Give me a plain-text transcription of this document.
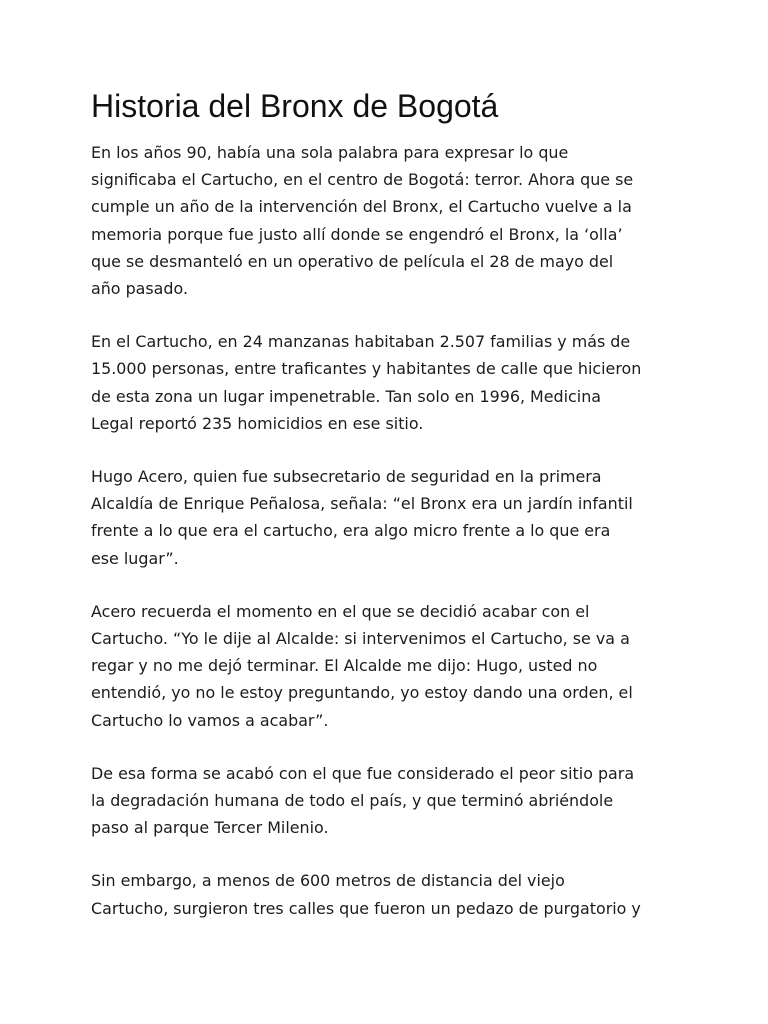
Historia del Bronx de Bogotá

En los años 90, había una sola palabra para expresar lo que
significaba el Cartucho, en el centro de Bogotá: terror. Ahora que se
cumple un año de la intervención del Bronx, el Cartucho vuelve a la
memoria porque fue justo allí donde se engendró el Bronx, la ‘olla’
que se desmanteló en un operativo de película el 28 de mayo del
año pasado.

En el Cartucho, en 24 manzanas habitaban 2.507 familias y más de
15.000 personas, entre traficantes y habitantes de calle que hicieron
de esta zona un lugar impenetrable. Tan solo en 1996, Medicina
Legal reportó 235 homicidios en ese sitio.

Hugo Acero, quien fue subsecretario de seguridad en la primera
Alcaldía de Enrique Peñalosa, señala: “el Bronx era un jardín infantil
frente a lo que era el cartucho, era algo micro frente a lo que era
ese lugar”.

Acero recuerda el momento en el que se decidió acabar con el
Cartucho. “Yo le dije al Alcalde: si intervenimos el Cartucho, se va a
regar y no me dejó terminar. El Alcalde me dijo: Hugo, usted no
entendió, yo no le estoy preguntando, yo estoy dando una orden, el
Cartucho lo vamos a acabar”.

De esa forma se acabó con el que fue considerado el peor sitio para
la degradación humana de todo el país, y que terminó abriéndole
paso al parque Tercer Milenio.

Sin embargo, a menos de 600 metros de distancia del viejo
Cartucho, surgieron tres calles que fueron un pedazo de purgatorio y
